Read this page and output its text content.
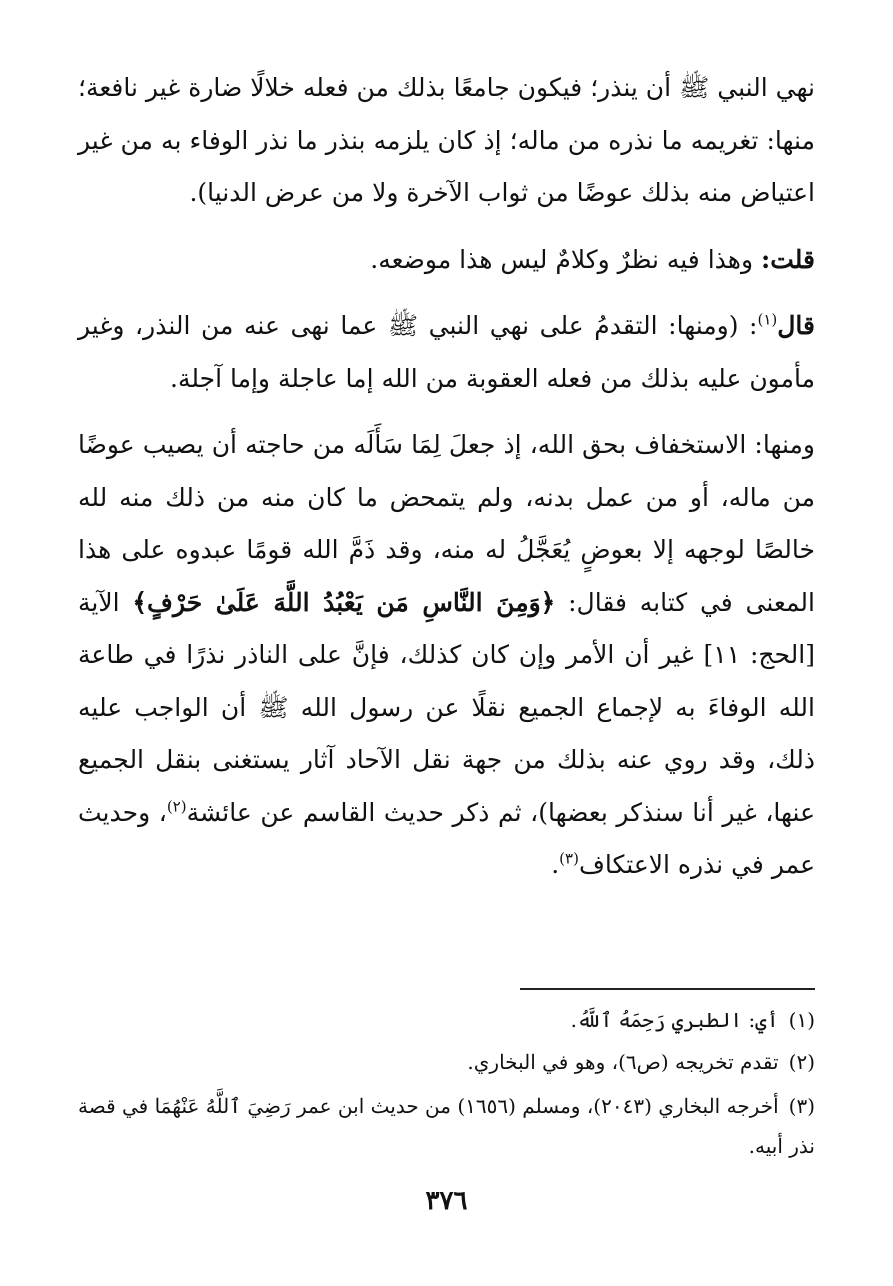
نهي النبي ﷺ أن ينذر؛ فيكون جامعًا بذلك من فعله خلالًا ضارة غير نافعة؛ منها: تغريمه ما نذره من ماله؛ إذ كان يلزمه بنذر ما نذر الوفاء به من غير اعتياض منه بذلك عوضًا من ثواب الآخرة ولا من عرض الدنيا).

قلت: وهذا فيه نظرٌ وكلامٌ ليس هذا موضعه.

قال$^{(١)}$: (ومنها: التقدمُ على نهي النبي ﷺ عما نهى عنه من النذر، وغير مأمون عليه بذلك من فعله العقوبة من الله إما عاجلة وإما آجلة.

ومنها: الاستخفاف بحق الله، إذ جعلَ لِمَا سَأَلَه من حاجته أن يصيب عوضًا من ماله، أو من عمل بدنه، ولم يتمحض ما كان منه من ذلك منه لله خالصًا لوجهه إلا بعوضٍ يُعَجَّلُ له منه، وقد ذَمَّ الله قومًا عبدوه على هذا المعنى في كتابه فقال: ﴿وَمِنَ النَّاسِ مَن يَعْبُدُ اللَّهَ عَلَىٰ حَرْفٍ﴾ الآية [الحج: ١١] غير أن الأمر وإن كان كذلك، فإنَّ على الناذر نذرًا في طاعة الله الوفاءَ به لإجماع الجميع نقلًا عن رسول الله ﷺ أن الواجب عليه ذلك، وقد روي عنه بذلك من جهة نقل الآحاد آثار يستغنى بنقل الجميع عنها، غير أنا سنذكر بعضها)، ثم ذكر حديث القاسم عن عائشة$^{(٢)}$، وحديث عمر في نذره الاعتكاف$^{(٣)}$.

(١)أي: الطبري رَحِمَهُ ٱللَّهُ.
(٢)تقدم تخريجه (ص٦)، وهو في البخاري.
(٣)أخرجه البخاري (٢٠٤٣)، ومسلم (١٦٥٦) من حديث ابن عمر رَضِيَ ٱللَّهُ عَنْهُمَا في قصة نذر أبيه.
٣٧٦
